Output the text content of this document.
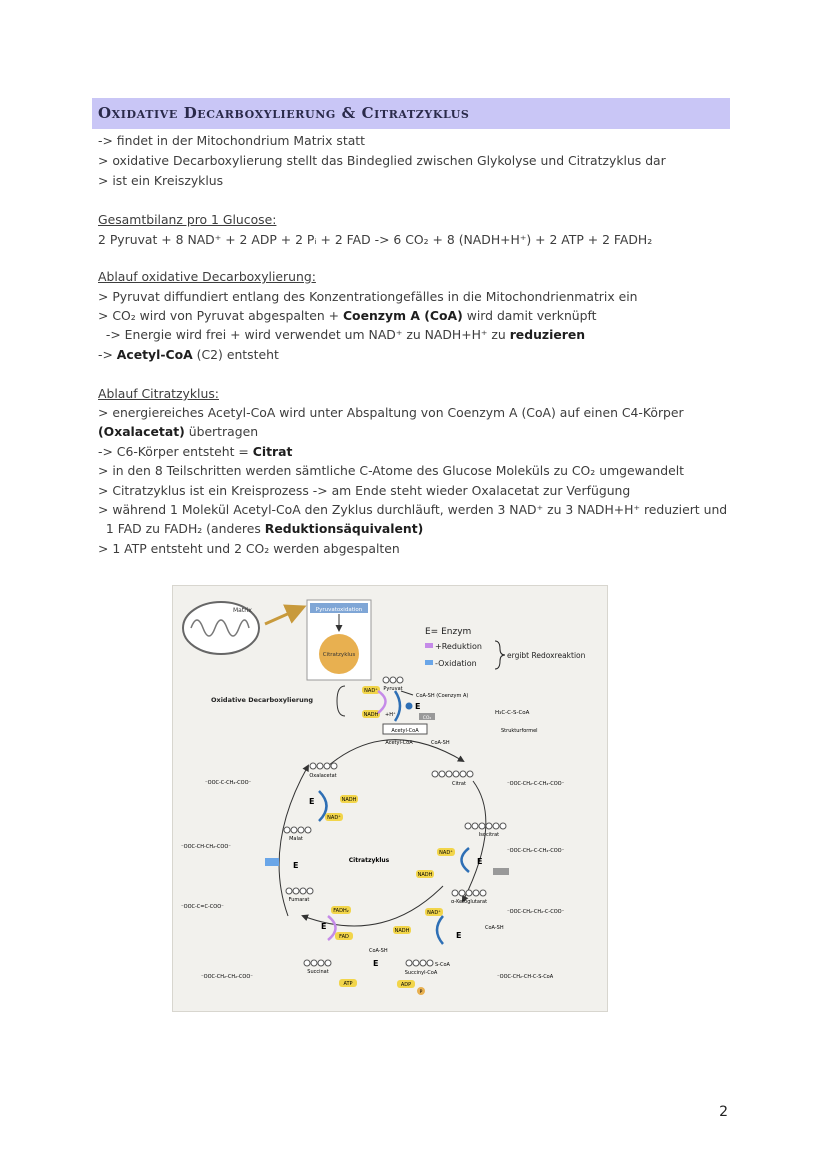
Oxidative Decarboxylierung & Citratzyklus
-> findet in der Mitochondrium Matrix statt
> oxidative Decarboxylierung stellt das Bindeglied zwischen Glykolyse und Citratzyklus dar
> ist ein Kreiszyklus
Gesamtbilanz pro 1 Glucose:
2 Pyruvat + 8 NAD⁺ + 2 ADP + 2 Pᵢ + 2 FAD -> 6 CO₂ + 8 (NADH+H⁺) + 2 ATP + 2 FADH₂
Ablauf oxidative Decarboxylierung:
> Pyruvat diffundiert entlang des Konzentrationgefälles in die Mitochondrienmatrix ein
> CO₂ wird von Pyruvat abgespalten + Coenzym A (CoA) wird damit verknüpft
-> Energie wird frei + wird verwendet um NAD⁺ zu NADH+H⁺ zu reduzieren
-> Acetyl-CoA (C2) entsteht
Ablauf Citratzyklus:
> energiereiches Acetyl-CoA wird unter Abspaltung von Coenzym A (CoA) auf einen C4-Körper
(Oxalacetat) übertragen
-> C6-Körper entsteht = Citrat
> in den 8 Teilschritten werden sämtliche C-Atome des Glucose Moleküls zu CO₂ umgewandelt
> Citratzyklus ist ein Kreisprozess -> am Ende steht wieder Oxalacetat zur Verfügung
> während 1 Molekül Acetyl-CoA den Zyklus durchläuft, werden 3 NAD⁺ zu 3 NADH+H⁺ reduziert und
1 FAD zu FADH₂ (anderes Reduktionsäquivalent)
> 1 ATP entsteht und 2 CO₂ werden abgespalten
Matrix	Pyruvatoxidation
Citratzyklus
E= Enzym
+Reduktion
-Oxidation
ergibt Redoxreaktion
Oxidative Decarboxylierung
NAD⁺
NADH +H⁺
Pyruvat
CoA-SH (Coenzym A)
E
CO₂
Acetyl-CoA
Acetyl-CoA	CoA-SH
H₃C-C-S-CoA
Strukturformel
Oxalacetat
⁻OOC-C-CH₂-COO⁻	Citrat	⁻OOC-CH₂-C-CH₂-COO⁻
E	NADH
NAD⁺
Malat
⁻OOC-CH-CH₂-COO⁻
E
Citratzyklus
Isocitrat
⁻OOC-CH₂-C-CH₂-COO⁻
NAD⁺
E
NADH
Fumarat
⁻OOC-C=C-COO⁻
FADH₂
E
FAD
α-Ketoglutarat
⁻OOC-CH₂-CH₂-C-COO⁻
NAD⁺
CoA-SH
NADH	E
Succinat
⁻OOC-CH₂-CH₂-COO⁻
ATP
CoA-SH
E	S-CoA
Succinyl-CoA
⁻OOC-CH₂-CH-C-S-CoA
ADP
P
2
